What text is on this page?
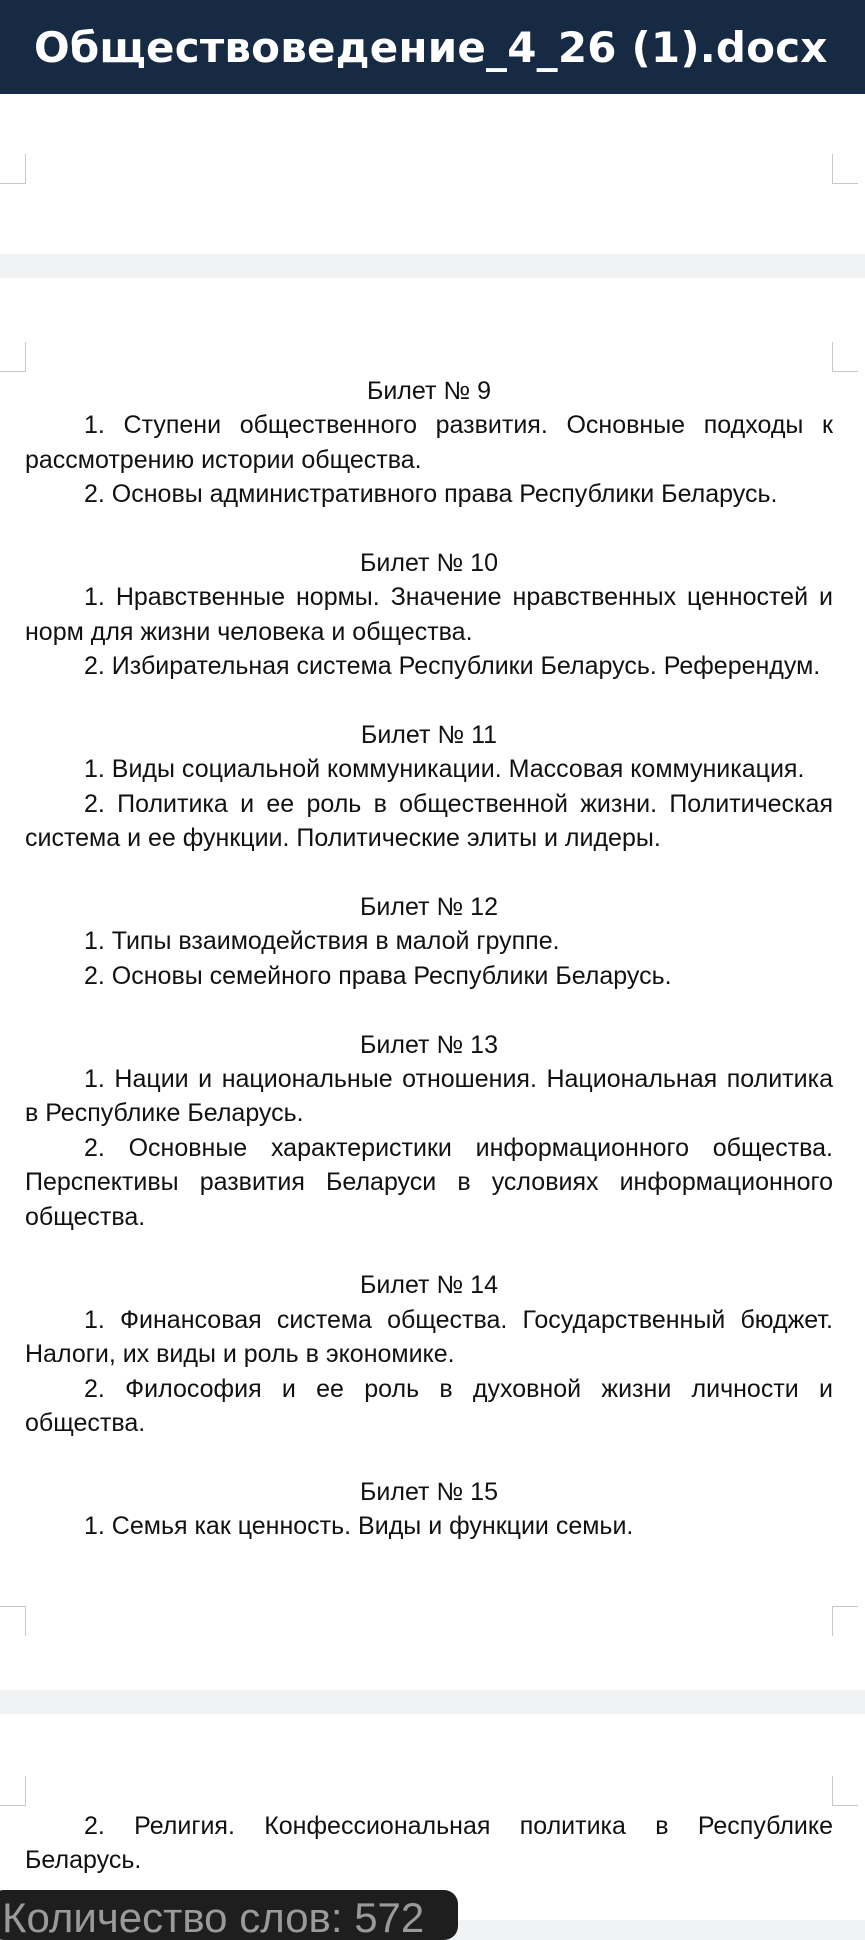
Обществоведение_4_26 (1).docx
Билет № 9
1. Ступени общественного развития. Основные подходы к рассмотрению истории общества.
2. Основы административного права Республики Беларусь.
Билет № 10
1. Нравственные нормы. Значение нравственных ценностей и норм для жизни человека и общества.
2. Избирательная система Республики Беларусь. Референдум.
Билет № 11
1. Виды социальной коммуникации. Массовая коммуникация.
2. Политика и ее роль в общественной жизни. Политическая система и ее функции. Политические элиты и лидеры.
Билет № 12
1. Типы взаимодействия в малой группе.
2. Основы семейного права Республики Беларусь.
Билет № 13
1. Нации и национальные отношения. Национальная политика в Республике Беларусь.
2. Основные характеристики информационного общества. Перспективы развития Беларуси в условиях информационного общества.
Билет № 14
1. Финансовая система общества. Государственный бюджет. Налоги, их виды и роль в экономике.
2. Философия и ее роль в духовной жизни личности и общества.
Билет № 15
1. Семья как ценность. Виды и функции семьи.
2. Религия. Конфессиональная политика в Республике Беларусь.
Количество слов: 572
